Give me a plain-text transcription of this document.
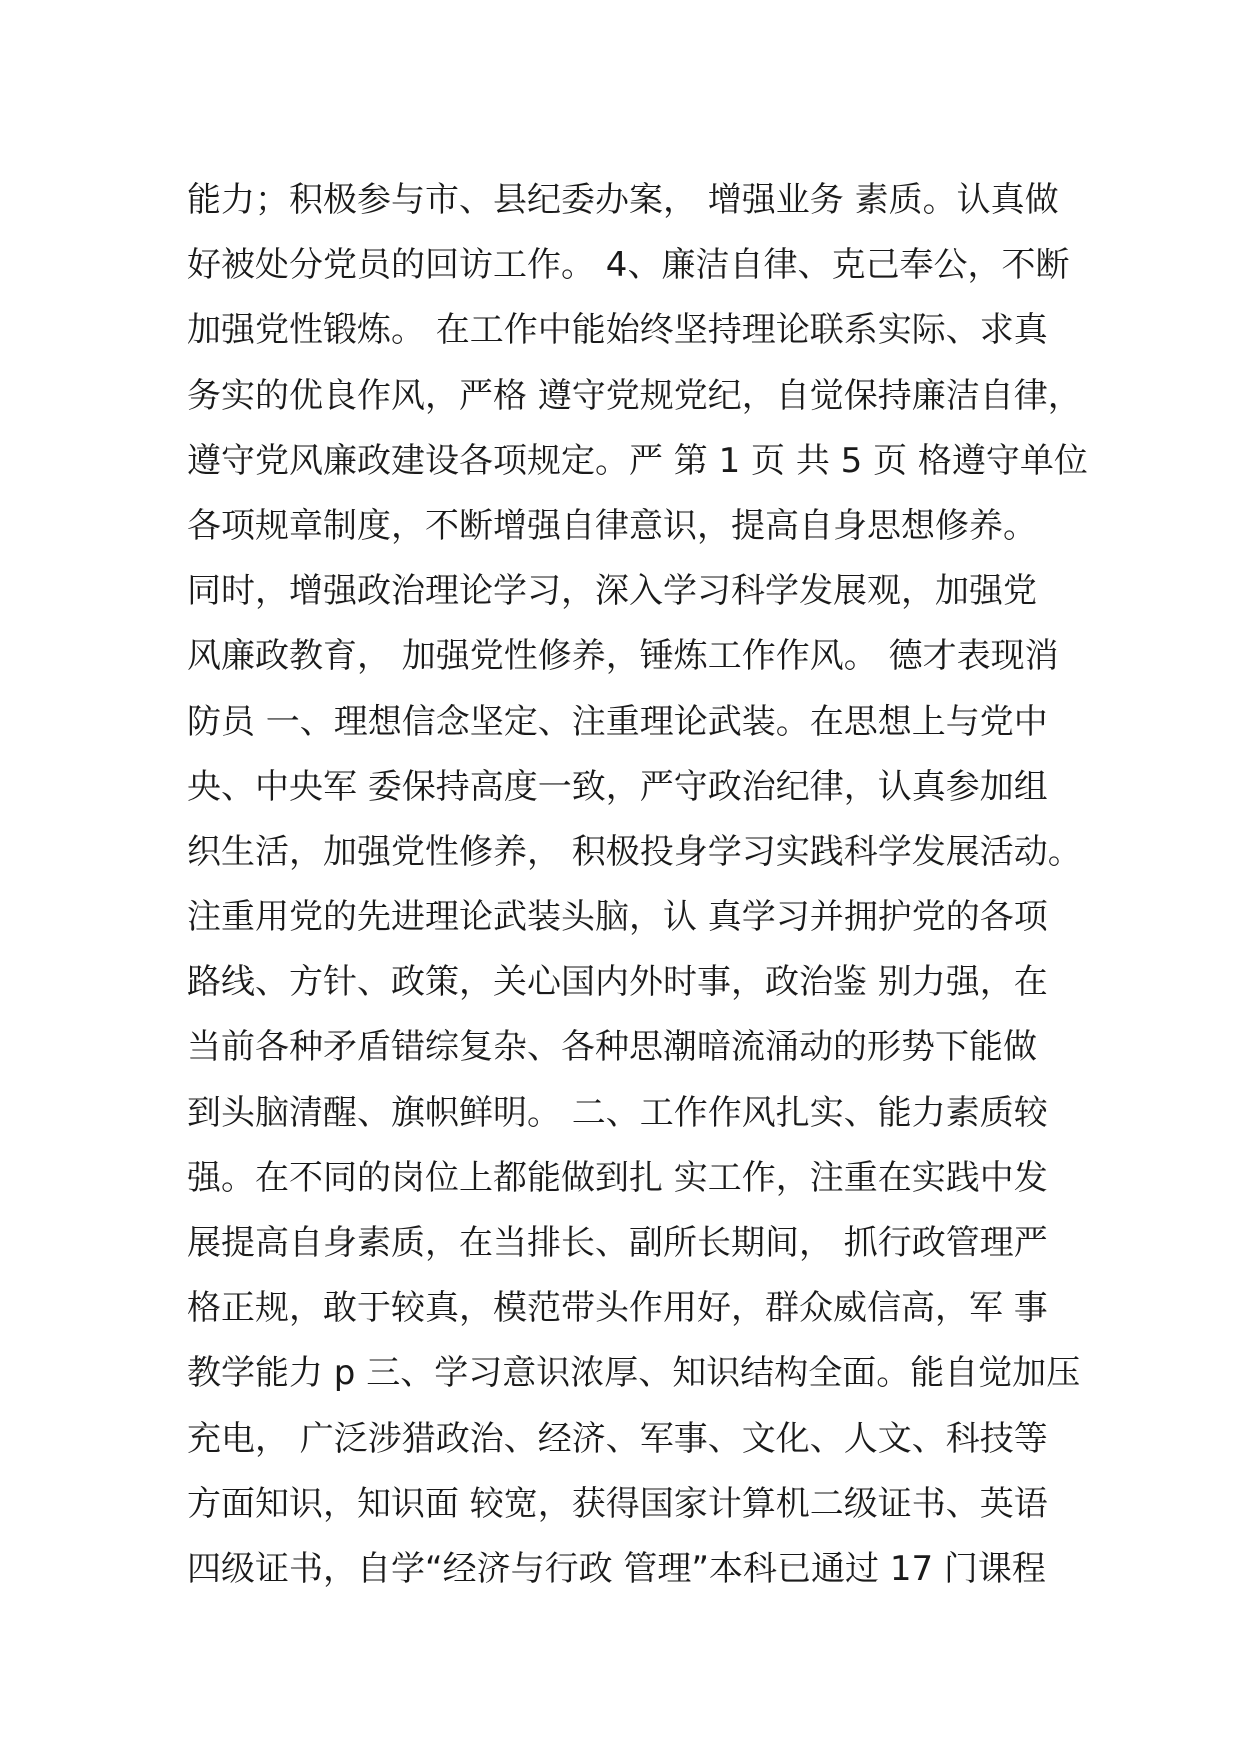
能力；积极参与市、县纪委办案， 增强业务 素质。认真做
好被处分党员的回访工作。 4、廉洁自律、克己奉公，不断
加强党性锻炼。 在工作中能始终坚持理论联系实际、求真
务实的优良作风，严格 遵守党规党纪，自觉保持廉洁自律，
遵守党风廉政建设各项规定。严 第 1 页 共 5 页 格遵守单位
各项规章制度，不断增强自律意识，提高自身思想修养。
同时，增强政治理论学习，深入学习科学发展观，加强党
风廉政教育， 加强党性修养，锤炼工作作风。 德才表现消
防员 一、理想信念坚定、注重理论武装。在思想上与党中
央、中央军 委保持高度一致，严守政治纪律，认真参加组
织生活，加强党性修养， 积极投身学习实践科学发展活动。
注重用党的先进理论武装头脑，认 真学习并拥护党的各项
路线、方针、政策，关心国内外时事，政治鉴 别力强，在
当前各种矛盾错综复杂、各种思潮暗流涌动的形势下能做
到头脑清醒、旗帜鲜明。 二、工作作风扎实、能力素质较
强。在不同的岗位上都能做到扎 实工作，注重在实践中发
展提高自身素质，在当排长、副所长期间， 抓行政管理严
格正规，敢于较真，模范带头作用好，群众威信高，军 事
教学能力 p 三、学习意识浓厚、知识结构全面。能自觉加压
充电， 广泛涉猎政治、经济、军事、文化、人文、科技等
方面知识，知识面 较宽，获得国家计算机二级证书、英语
四级证书，自学“经济与行政 管理”本科已通过 17 门课程
